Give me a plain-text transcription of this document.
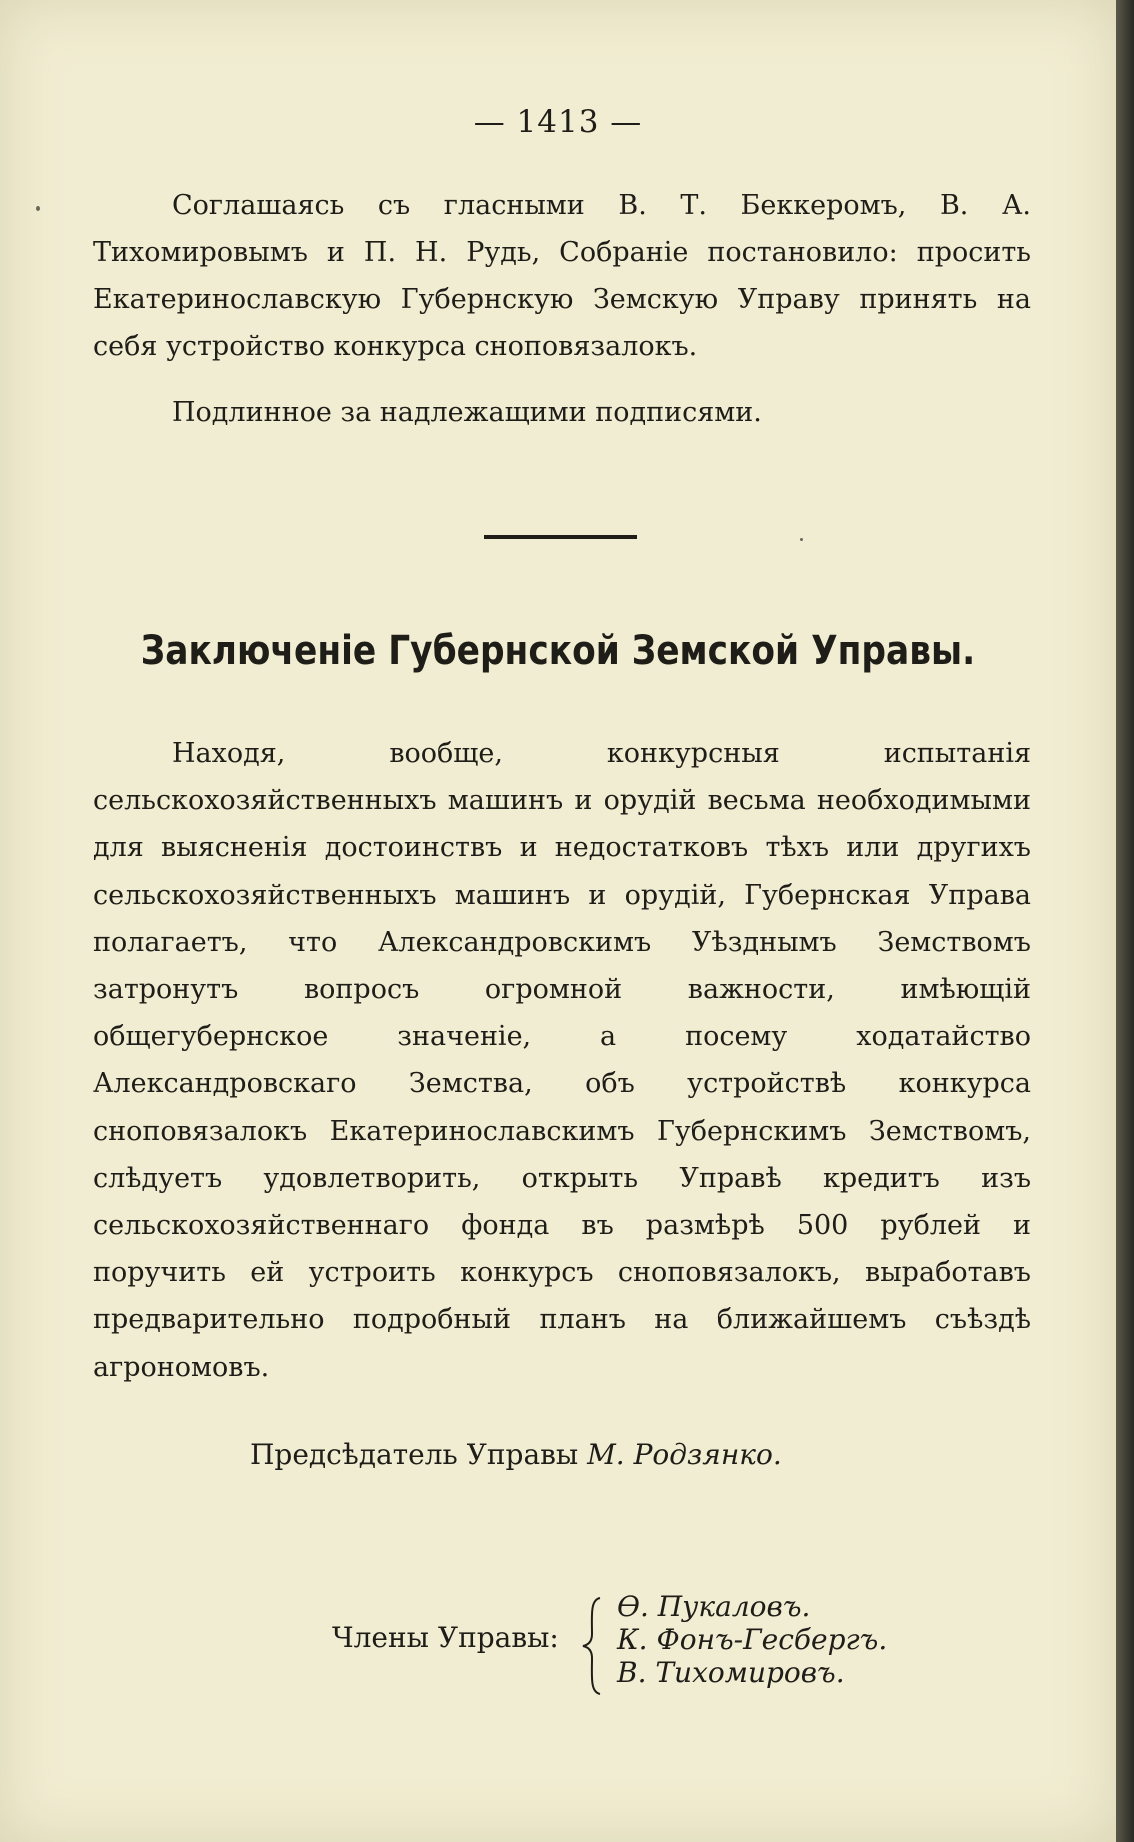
— 1413 —

Соглашаясь съ гласными В. Т. Беккеромъ, В. А. Тихомировымъ и П. Н. Рудь, Собраніе постановило: просить Екатеринославскую Губернскую Земскую Управу принять на себя устройство конкурса сноповязалокъ.

Подлинное за надлежащими подписями.

Заключеніе Губернской Земской Управы.

Находя, вообще, конкурсныя испытанія сельскохозяйственныхъ машинъ и орудій весьма необходимыми для выясненія достоинствъ и недостатковъ тѣхъ или другихъ сельскохозяйственныхъ машинъ и орудій, Губернская Управа полагаетъ, что Александровскимъ Уѣзднымъ Земствомъ затронутъ вопросъ огромной важности, имѣющій общегубернское значеніе, а посему ходатайство Александровскаго Земства, объ устройствѣ конкурса сноповязалокъ Екатеринославскимъ Губернскимъ Земствомъ, слѣдуетъ удовлетворить, открыть Управѣ кредитъ изъ сельскохозяйственнаго фонда въ размѣрѣ 500 рублей и поручить ей устроить конкурсъ сноповязалокъ, выработавъ предварительно подробный планъ на ближайшемъ съѣздѣ агрономовъ.

Предсѣдатель Управы М. Родзянко.
Члены Управы:
Ѳ. Пукаловъ.
К. Фонъ-Гесбергъ.
В. Тихомировъ.
